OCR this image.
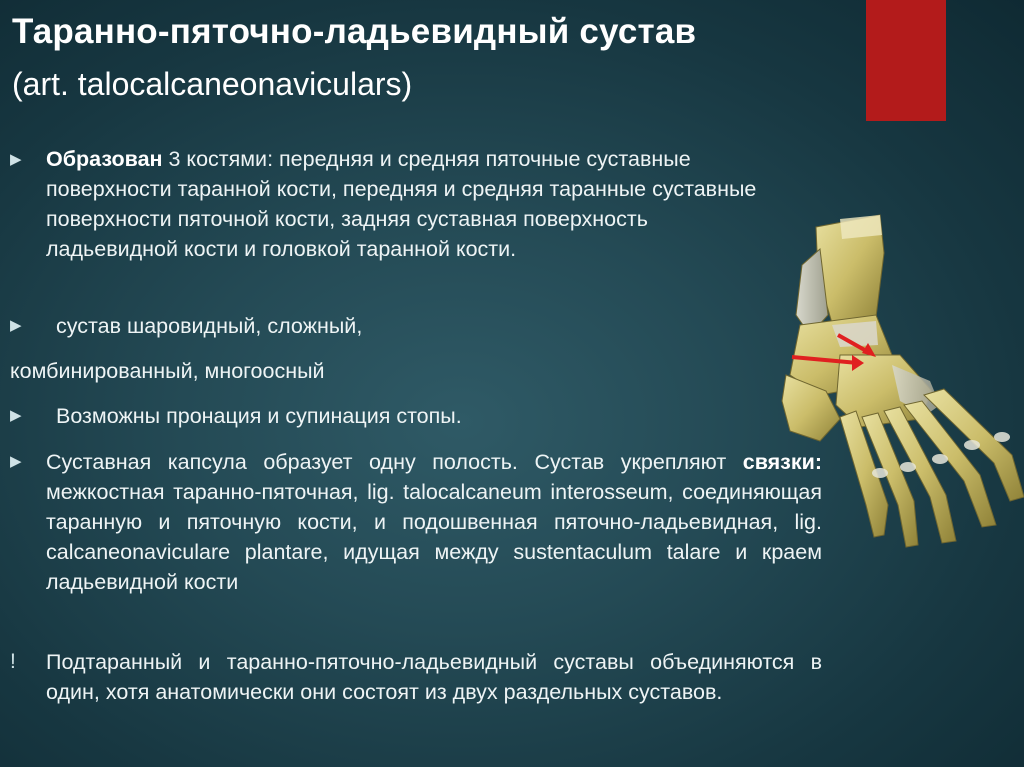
Таранно-пяточно-ладьевидный сустав
(art. talocalcaneonaviculars)
▶	Образован 3 костями: передняя и средняя пяточные суставные поверхности таранной кости, передняя и средняя таранные суставные поверхности пяточной кости, задняя суставная поверхность ладьевидной кости и головкой таранной кости.
▶	сустав шаровидный, сложный,
комбинированный, многоосный
▶	Возможны пронация и супинация стопы.
▶	Суставная капсула образует одну полость. Сустав укрепляют связки: межкостная таранно-пяточная, lig. talocalcaneum interosseum, соединяющая таранную и пяточную кости, и подошвенная пяточно-ладьевидная, lig. calcaneonaviculare plantare, идущая между sustentaculum talare и краем ладьевидной кости
!	Подтаранный и таранно-пяточно-ладьевидный суставы объединяются в один, хотя анатомически они состоят из двух раздельных суставов.
